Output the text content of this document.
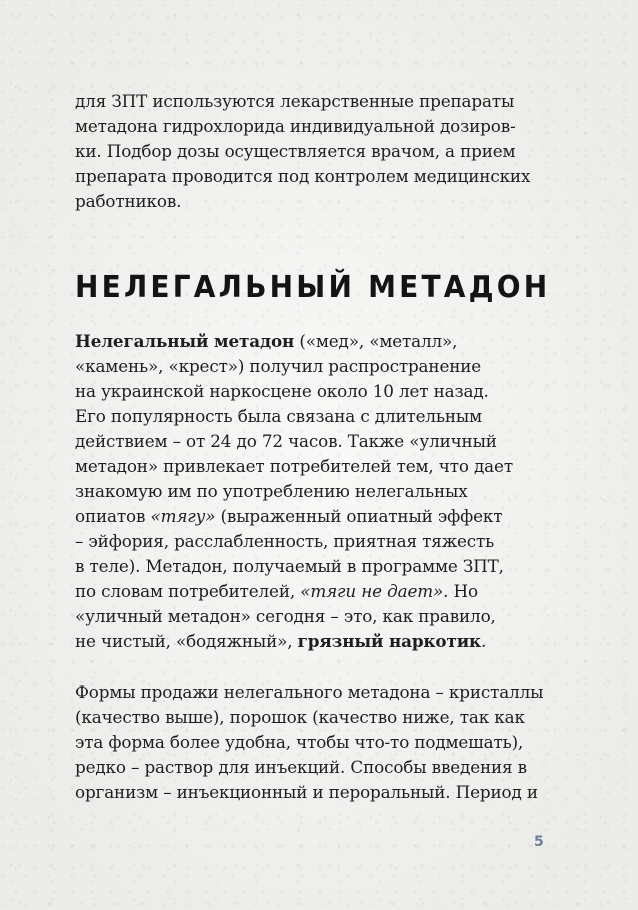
для ЗПТ используются лекарственные препараты
метадона гидрохлорида индивидуальной дозиров-
ки. Подбор дозы осуществляется врачом, а прием
препарата проводится под контролем медицинских
работников.
НЕЛЕГАЛЬНЫЙ МЕТАДОН
Нелегальный метадон («мед», «металл»,
«камень», «крест») получил распространение
на украинской наркосцене около 10 лет назад.
Его популярность была связана с длительным
действием – от 24 до 72 часов. Также «уличный
метадон» привлекает потребителей тем, что дает
знакомую им по употреблению нелегальных
опиатов «тягу» (выраженный опиатный эффект
– эйфория, расслабленность, приятная тяжесть
в теле). Метадон, получаемый в программе ЗПТ,
по словам потребителей, «тяги не дает». Но
«уличный метадон» сегодня – это, как правило,
не чистый, «бодяжный», грязный наркотик.
Формы продажи нелегального метадона – кристаллы
(качество выше), порошок (качество ниже, так как
эта форма более удобна, чтобы что-то подмешать),
редко – раствор для инъекций. Способы введения в
организм – инъекционный и пероральный. Период и
5
